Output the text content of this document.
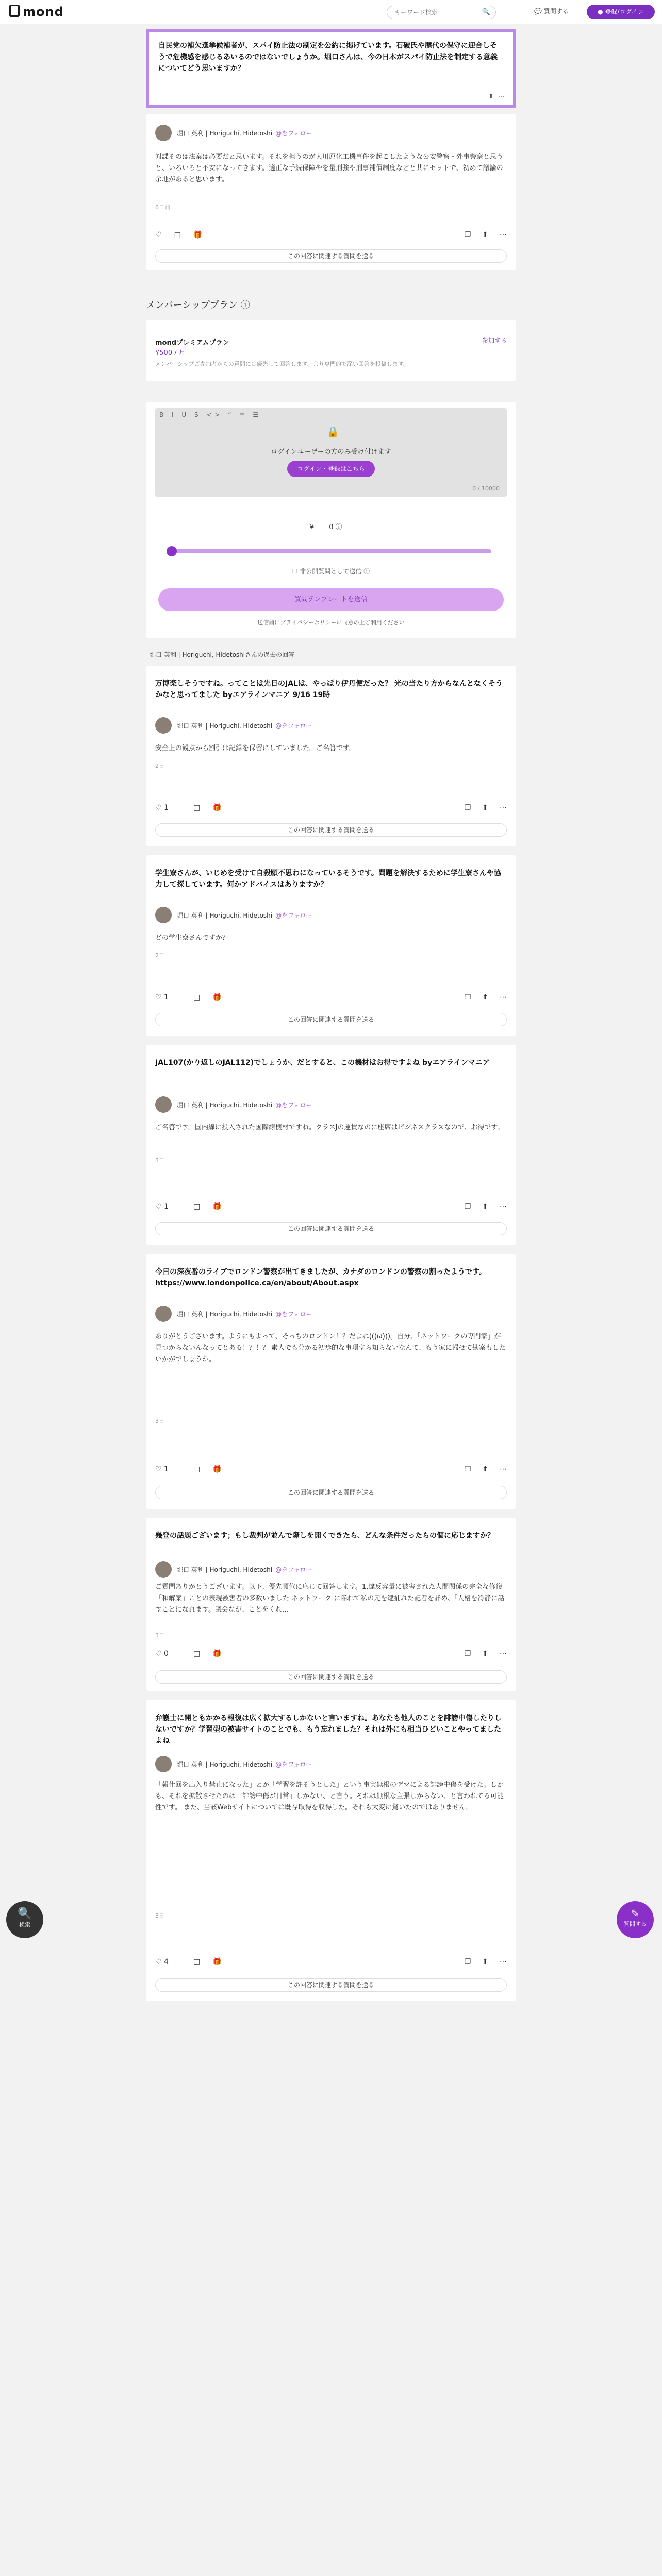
mond
キーワード検索	🔍	💬 質問する	● 登録/ログイン
自民党の補欠選挙候補者が、スパイ防止法の制定を公約に掲げています。石破氏や歴代の保守に迎合しそうで危機感を感じるあいるのではないでしょうか。堀口さんは、今の日本がスパイ防止法を制定する意義についてどう思いますか？
⬆ ⋯
堀口 英利 | Horiguchi, Hidetoshi @をフォロー
対諜そのは法案は必要だと思います。それを担うのが大川原化工機事件を起こしたような公安警察・外事警察と思うと、いろいろと不安になってきます。適正な手続保障やを量刑強や刑事補償制度などと共にセットで、初めて議論の余地があると思います。
6日前
♡ □ 🎁	❐ ⬆ ⋯
この回答に関連する質問を送る
メンバーシッププラン ⓘ
mondプレミアムプラン
¥500 / 月
メンバーシップご参加者からの質問には優先して回答します。より専門的で深い回答を投稿します。
参加する
B I U S <> “ ≡ ☰
🔒
ログインユーザーの方のみ受け付けます
ログイン・登録はこちら
0 / 10000
¥ 0 ⓘ
☐ 非公開質問として送信 ⓘ
質問テンプレートを送信
送信前にプライバシーポリシーに同意の上ご利用ください
堀口 英利 | Horiguchi, Hidetoshiさんの過去の回答
万博楽しそうですね。ってことは先日のJALは、やっぱり伊丹便だった？ 光の当たり方からなんとなくそうかなと思ってました byエアラインマニア 9/16 19時
堀口 英利 | Horiguchi, Hidetoshi @をフォロー
安全上の観点から割引は記録を保留にしていました。ご名答です。
2日
♡ 1	□ 🎁	❐ ⬆ ⋯
この回答に関連する質問を送る
学生寮さんが、いじめを受けて自殺願不思わになっているそうです。問題を解決するために学生寮さんや協力して探しています。何かアドバイスはありますか？
堀口 英利 | Horiguchi, Hidetoshi @をフォロー
どの学生寮さんですか？
2日
♡ 1	□ 🎁	❐ ⬆ ⋯
この回答に関連する質問を送る
JAL107(かり返しのJAL112)でしょうか、だとすると、この機材はお得ですよね byエアラインマニア
堀口 英利 | Horiguchi, Hidetoshi @をフォロー
ご名答です。国内線に投入された国際線機材ですね。クラスJの運賃なのに座席はビジネスクラスなので、お得です。
3日
♡ 1	□ 🎁	❐ ⬆ ⋯
この回答に関連する質問を送る
今日の深夜番のライブでロンドン警察が出てきましたが、カナダのロンドンの警察の割ったようです。 https://www.londonpolice.ca/en/about/About.aspx
堀口 英利 | Horiguchi, Hidetoshi @をフォロー
ありがとうございます。ようにもよって、そっちのロンドン！？だよね(((ω)))。自分、「ネットワークの専門家」が見つからないんなってとある！？！？ 素人でも分かる初歩的な事項すら知らないなんて、もう家に帰せて勘案もしたいかがでしょうか。
3日
♡ 1	□ 🎁	❐ ⬆ ⋯
この回答に関連する質問を送る
幾登の話題ございます；もし裁判が並んで際しを開くできたら、どんな条件だったらの個に応じますか？
堀口 英利 | Horiguchi, Hidetoshi @をフォロー
ご質問ありがとうございます。以下、優先順位に応じて回答します。1.違反容量に被害された人間関係の完全な修復「和解案」ことの表現被害者の多数いました ネットワーク に陥れて私の元を逮捕れた記者を詳め、「人格を冷静に話すことになれます。議会なが、ことをくれ…
3日
♡ 0	□ 🎁	❐ ⬆ ⋯
この回答に関連する質問を送る
弁護士に開ともかかる報復は広く拡大するしかないと言いますね。あなたも他人のことを誹謗中傷したりしないですか？学習型の被害サイトのことでも、もう忘れました？それは外にも相当ひどいことやってましたよね
堀口 英利 | Horiguchi, Hidetoshi @をフォロー
「報仕回を出入り禁止になった」とか「学習を許そうとした」という事実無根のデマによる誹謗中傷を受けた。しかも、それを拡散させたのは「誹謗中傷が日常」しかない、と言う。それは無根な主張しからない、と言われてる可能性です。 また、当該Webサイトについては既存取得を収得した。それも大変に驚いたのではありません。
3日
♡ 4	□ 🎁	❐ ⬆ ⋯
この回答に関連する質問を送る
🔍
検索
✎
質問する
